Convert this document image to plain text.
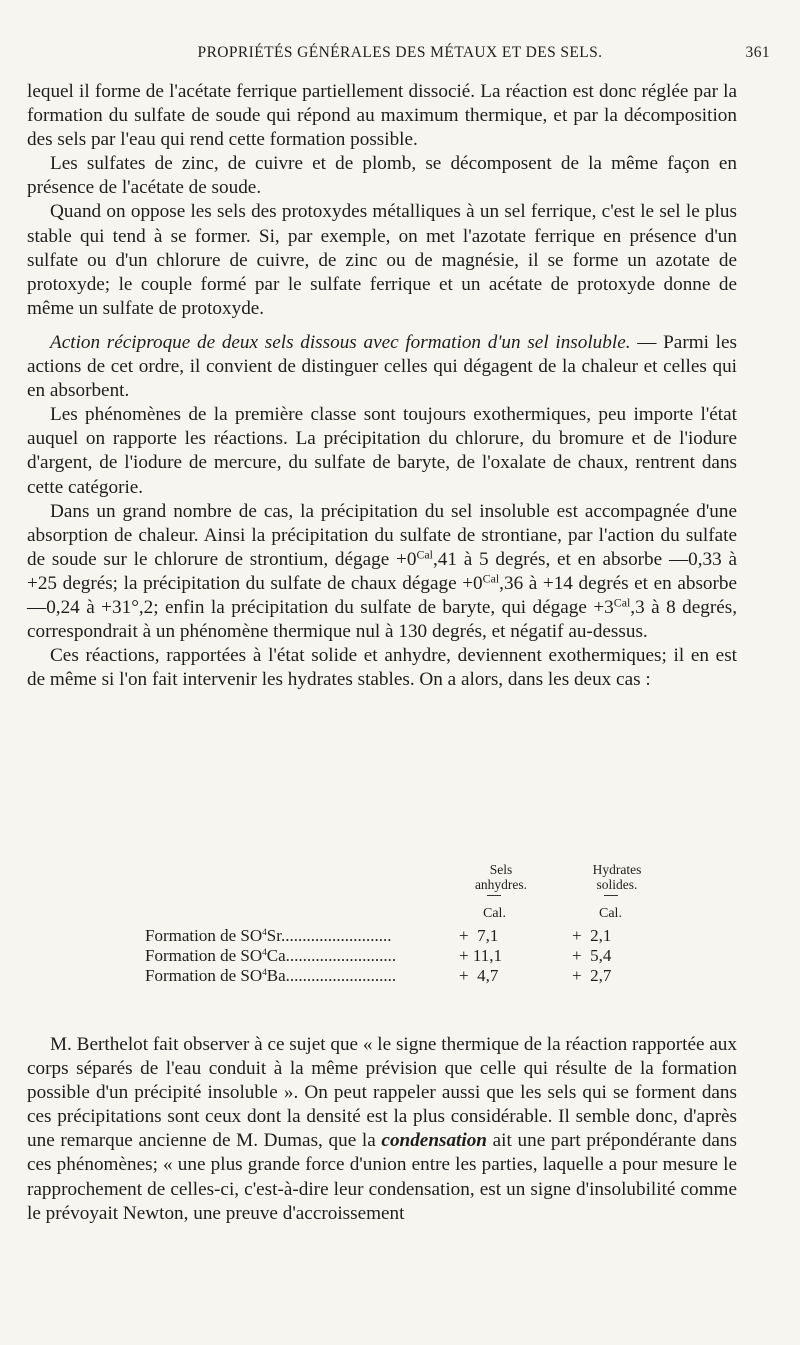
PROPRIÉTÉS GÉNÉRALES DES MÉTAUX ET DES SELS.	361

lequel il forme de l'acétate ferrique partiellement dissocié. La réaction est donc réglée par la formation du sulfate de soude qui répond au maximum thermique, et par la décomposition des sels par l'eau qui rend cette formation possible.

Les sulfates de zinc, de cuivre et de plomb, se décomposent de la même façon en présence de l'acétate de soude.

Quand on oppose les sels des protoxydes métalliques à un sel ferrique, c'est le sel le plus stable qui tend à se former. Si, par exemple, on met l'azotate ferrique en présence d'un sulfate ou d'un chlorure de cuivre, de zinc ou de magnésie, il se forme un azotate de protoxyde; le couple formé par le sulfate ferrique et un acétate de protoxyde donne de même un sulfate de protoxyde.

Action réciproque de deux sels dissous avec formation d'un sel insoluble. — Parmi les actions de cet ordre, il convient de distinguer celles qui dégagent de la chaleur et celles qui en absorbent.

Les phénomènes de la première classe sont toujours exothermiques, peu importe l'état auquel on rapporte les réactions. La précipitation du chlorure, du bromure et de l'iodure d'argent, de l'iodure de mercure, du sulfate de baryte, de l'oxalate de chaux, rentrent dans cette catégorie.

Dans un grand nombre de cas, la précipitation du sel insoluble est accompagnée d'une absorption de chaleur. Ainsi la précipitation du sulfate de strontiane, par l'action du sulfate de soude sur le chlorure de strontium, dégage $+0^{Cal},41$ à 5 degrés, et en absorbe —0,33 à +25 degrés; la précipitation du sulfate de chaux dégage $+0^{Cal},36$ à +14 degrés et en absorbe —0,24 à +31°,2; enfin la précipitation du sulfate de baryte, qui dégage $+3^{Cal},3$ à 8 degrés, correspondrait à un phénomène thermique nul à 130 degrés, et négatif au-dessus.

Ces réactions, rapportées à l'état solide et anhydre, deviennent exothermiques; il en est de même si l'on fait intervenir les hydrates stables. On a alors, dans les deux cas :

Sels
anhydres.
Hydrates
solides.
Cal.	Cal.
Formation de $SO^4Sr$..........................	+  7,1	+  2,1
Formation de $SO^4Ca$..........................	+ 11,1	+  5,4
Formation de $SO^4Ba$..........................	+  4,7	+  2,7

M. Berthelot fait observer à ce sujet que « le signe thermique de la réaction rapportée aux corps séparés de l'eau conduit à la même prévision que celle qui résulte de la formation possible d'un précipité insoluble ». On peut rappeler aussi que les sels qui se forment dans ces précipitations sont ceux dont la densité est la plus considérable. Il semble donc, d'après une remarque ancienne de M. Dumas, que la condensation ait une part prépondérante dans ces phénomènes; « une plus grande force d'union entre les parties, laquelle a pour mesure le rapprochement de celles-ci, c'est-à-dire leur condensation, est un signe d'insolubilité comme le prévoyait Newton, une preuve d'accroissement
